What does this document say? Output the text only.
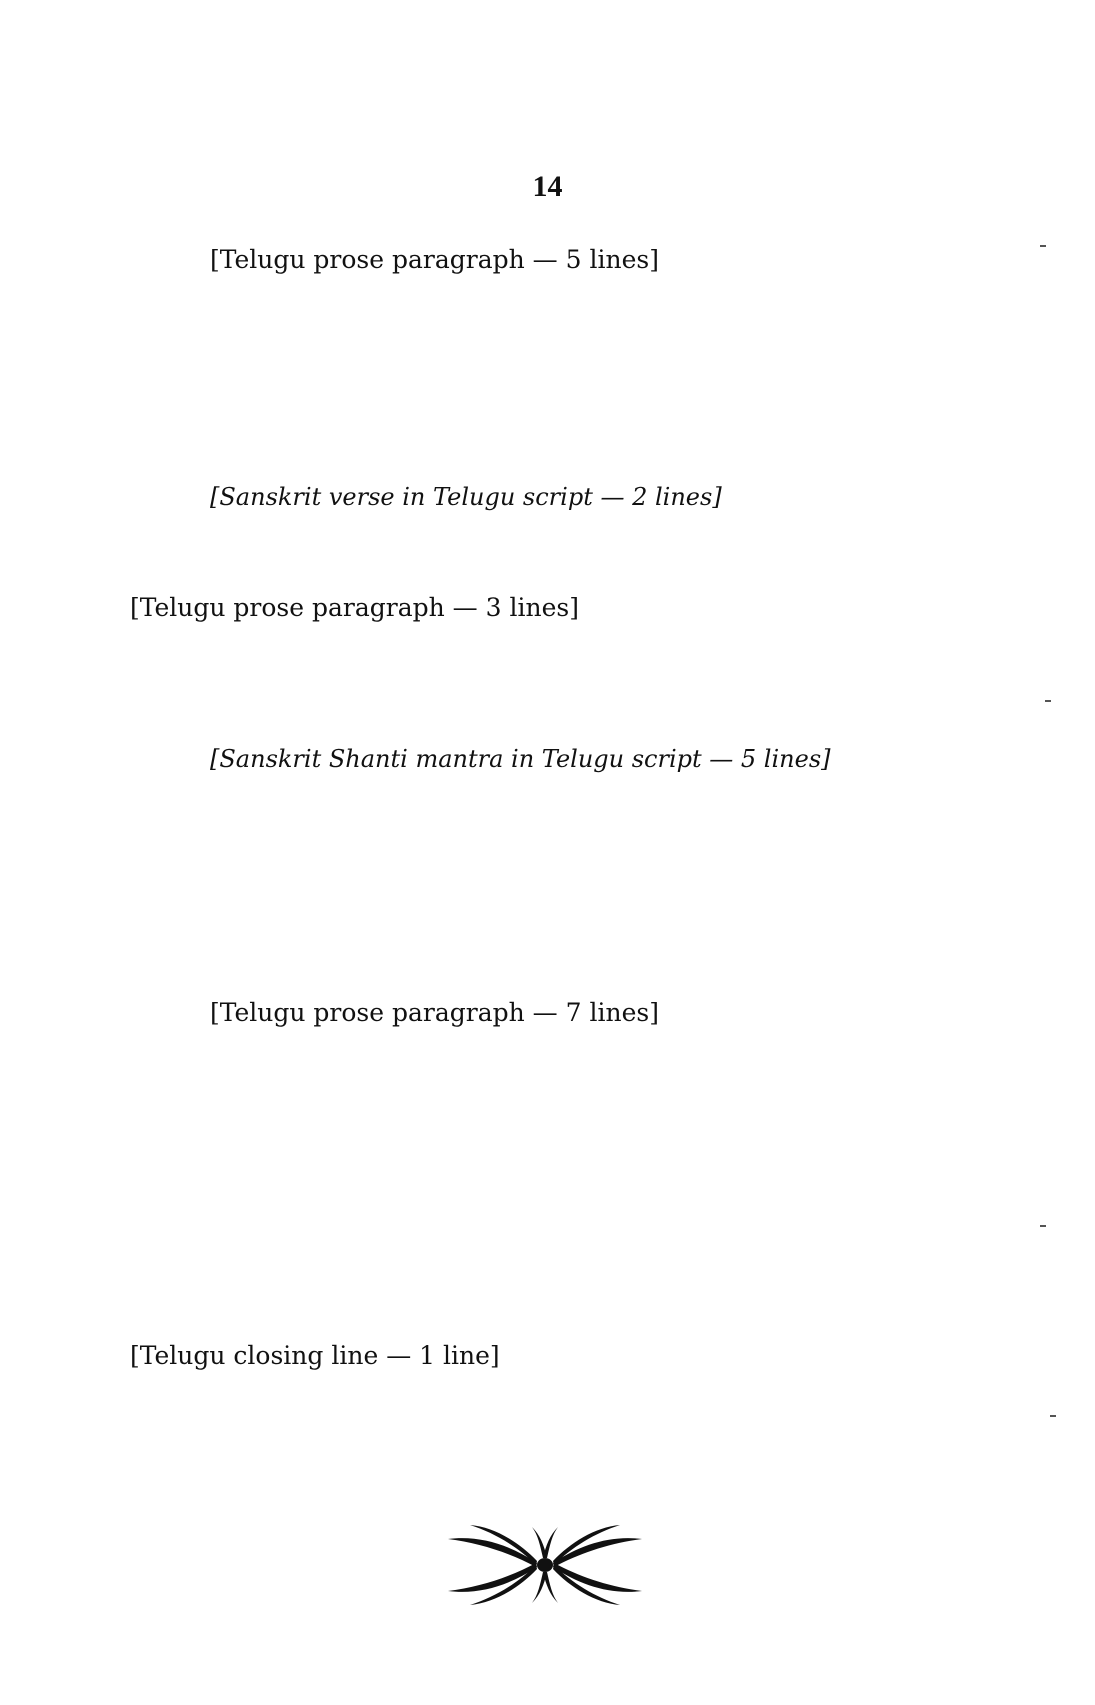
14
[Telugu prose paragraph — 5 lines]
[Sanskrit verse in Telugu script — 2 lines]
[Telugu prose paragraph — 3 lines]
[Sanskrit Shanti mantra in Telugu script — 5 lines]
[Telugu prose paragraph — 7 lines]
[Telugu closing line — 1 line]
